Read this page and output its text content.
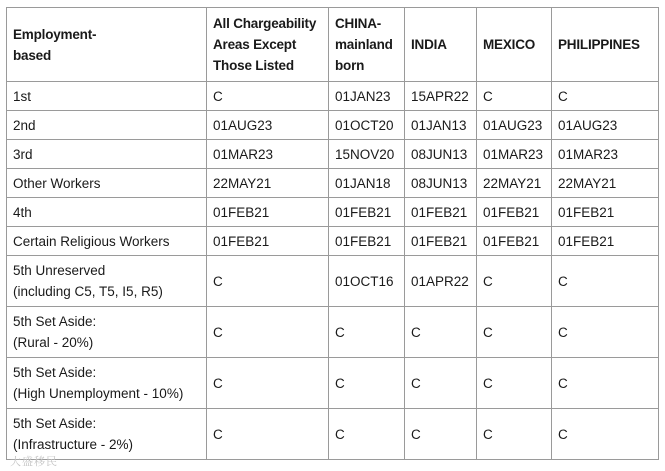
Employment-
based	All Chargeability
Areas Except
Those Listed	CHINA-
mainland
born	INDIA	MEXICO	PHILIPPINES
1st	C	01JAN23	15APR22	C	C
2nd	01AUG23	01OCT20	01JAN13	01AUG23	01AUG23
3rd	01MAR23	15NOV20	08JUN13	01MAR23	01MAR23
Other Workers	22MAY21	01JAN18	08JUN13	22MAY21	22MAY21
4th	01FEB21	01FEB21	01FEB21	01FEB21	01FEB21
Certain Religious Workers	01FEB21	01FEB21	01FEB21	01FEB21	01FEB21
5th Unreserved
(including C5, T5, I5, R5)	C	01OCT16	01APR22	C	C
5th Set Aside:
(Rural - 20%)	C	C	C	C	C
5th Set Aside:
(High Unemployment - 10%)	C	C	C	C	C
5th Set Aside:
(Infrastructure - 2%)	C	C	C	C	C
大盛移民
